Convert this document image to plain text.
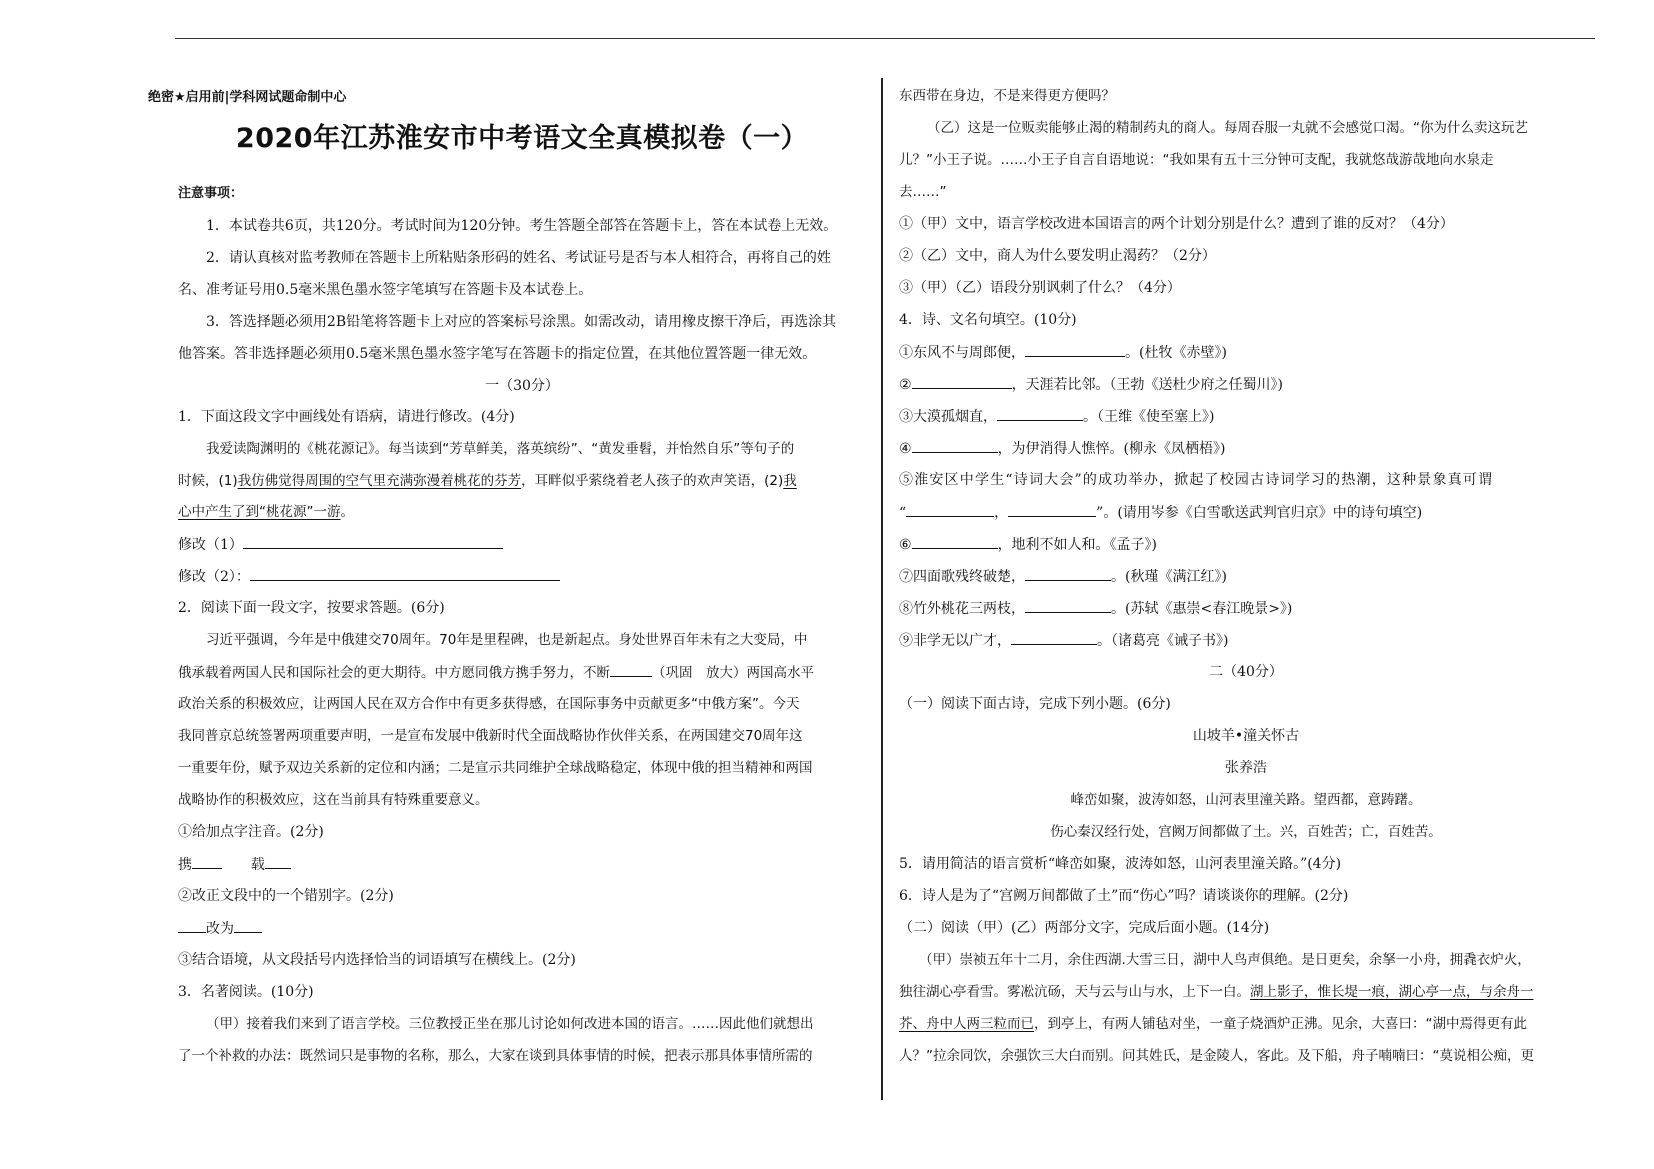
绝密★启用前|学科网试题命制中心
2020年江苏淮安市中考语文全真模拟卷（一）
注意事项：
1．本试卷共6页，共120分。考试时间为120分钟。考生答题全部答在答题卡上，答在本试卷上无效。
2．请认真核对监考教师在答题卡上所粘贴条形码的姓名、考试证号是否与本人相符合，再将自己的姓
名、准考证号用0.5毫米黑色墨水签字笔填写在答题卡及本试卷上。
3．答选择题必须用2B铅笔将答题卡上对应的答案标号涂黑。如需改动，请用橡皮擦干净后，再选涂其
他答案。答非选择题必须用0.5毫米黑色墨水签字笔写在答题卡的指定位置，在其他位置答题一律无效。
一（30分）
1．下面这段文字中画线处有语病，请进行修改。(4分)
我爱读陶渊明的《桃花源记》。每当读到“芳草鲜美，落英缤纷”、“黄发垂髫，并怡然自乐”等句子的
时候，(1)我仿佛觉得周围的空气里充满弥漫着桃花的芬芳，耳畔似乎萦绕着老人孩子的欢声笑语，(2)我
心中产生了到“桃花源”一游。
修改（1）
修改（2）：
2．阅读下面一段文字，按要求答题。(6分)
习近平强调，今年是中俄建交70周年。70年是里程碑，也是新起点。身处世界百年未有之大变局，中
俄承载着两国人民和国际社会的更大期待。中方愿同俄方携手努力，不断	（巩固　放大）两国高水平
政治关系的积极效应，让两国人民在双方合作中有更多获得感，在国际事务中贡献更多“中俄方案”。今天
我同普京总统签署两项重要声明，一是宣布发展中俄新时代全面战略协作伙伴关系，在两国建交70周年这
一重要年份，赋予双边关系新的定位和内涵；二是宣示共同维护全球战略稳定，体现中俄的担当精神和两国
战略协作的积极效应，这在当前具有特殊重要意义。
①给加点字注音。(2分)
携	载
②改正文段中的一个错别字。(2分)
改为
③结合语境，从文段括号内选择恰当的词语填写在横线上。(2分)
3．名著阅读。(10分)
（甲）接着我们来到了语言学校。三位教授正坐在那儿讨论如何改进本国的语言。……因此他们就想出
了一个补救的办法：既然词只是事物的名称，那么，大家在谈到具体事情的时候，把表示那具体事情所需的
东西带在身边，不是来得更方便吗？
（乙）这是一位贩卖能够止渴的精制药丸的商人。每周吞服一丸就不会感觉口渴。“你为什么卖这玩艺
儿？”小王子说。……小王子自言自语地说：“我如果有五十三分钟可支配，我就悠哉游哉地向水泉走
去……”
①（甲）文中，语言学校改进本国语言的两个计划分别是什么？遭到了谁的反对？（4分）
②（乙）文中，商人为什么要发明止渴药？（2分）
③（甲）（乙）语段分别讽刺了什么？（4分）
4．诗、文名句填空。(10分)
①东风不与周郎便，	。(杜牧《赤壁》)
②	，天涯若比邻。（王勃《送杜少府之任蜀川》)
③大漠孤烟直，	。（王维《使至塞上》)
④	，为伊消得人憔悴。(柳永《凤栖梧》)
⑤淮安区中学生“诗词大会”的成功举办，掀起了校园古诗词学习的热潮，这种景象真可谓
“	，	”。(请用岑参《白雪歌送武判官归京》中的诗句填空)
⑥	，地利不如人和。《孟子》)
⑦四面歌残终破楚，	。(秋瑾《满江红》)
⑧竹外桃花三两枝，	。(苏轼《惠崇<春江晚景>》)
⑨非学无以广才，	。（诸葛亮《诫子书》)
二（40分）
（一）阅读下面古诗，完成下列小题。(6分)
山坡羊•潼关怀古
张养浩
峰峦如聚，波涛如怒，山河表里潼关路。望西都，意踌躇。
伤心秦汉经行处，宫阙万间都做了土。兴，百姓苦；亡，百姓苦。
5．请用简洁的语言赏析“峰峦如聚，波涛如怒，山河表里潼关路。”(4分)
6．诗人是为了“宫阙万间都做了土”而“伤心”吗？请谈谈你的理解。(2分)
（二）阅读（甲）(乙）两部分文字，完成后面小题。(14分)
（甲）崇祯五年十二月，余住西湖.大雪三日，湖中人鸟声俱绝。是日更矣，余拏一小舟，拥毳衣炉火，
独往湖心亭看雪。雾凇沆砀，天与云与山与水，上下一白。湖上影子，惟长堤一痕，湖心亭一点，与余舟一
芥、舟中人两三粒而已，到亭上，有两人铺毡对坐，一童子烧酒炉正沸。见余，大喜曰：“湖中焉得更有此
人？”拉余同饮，余强饮三大白而别。问其姓氏，是金陵人，客此。及下船，舟子喃喃曰：“莫说相公痴，更
